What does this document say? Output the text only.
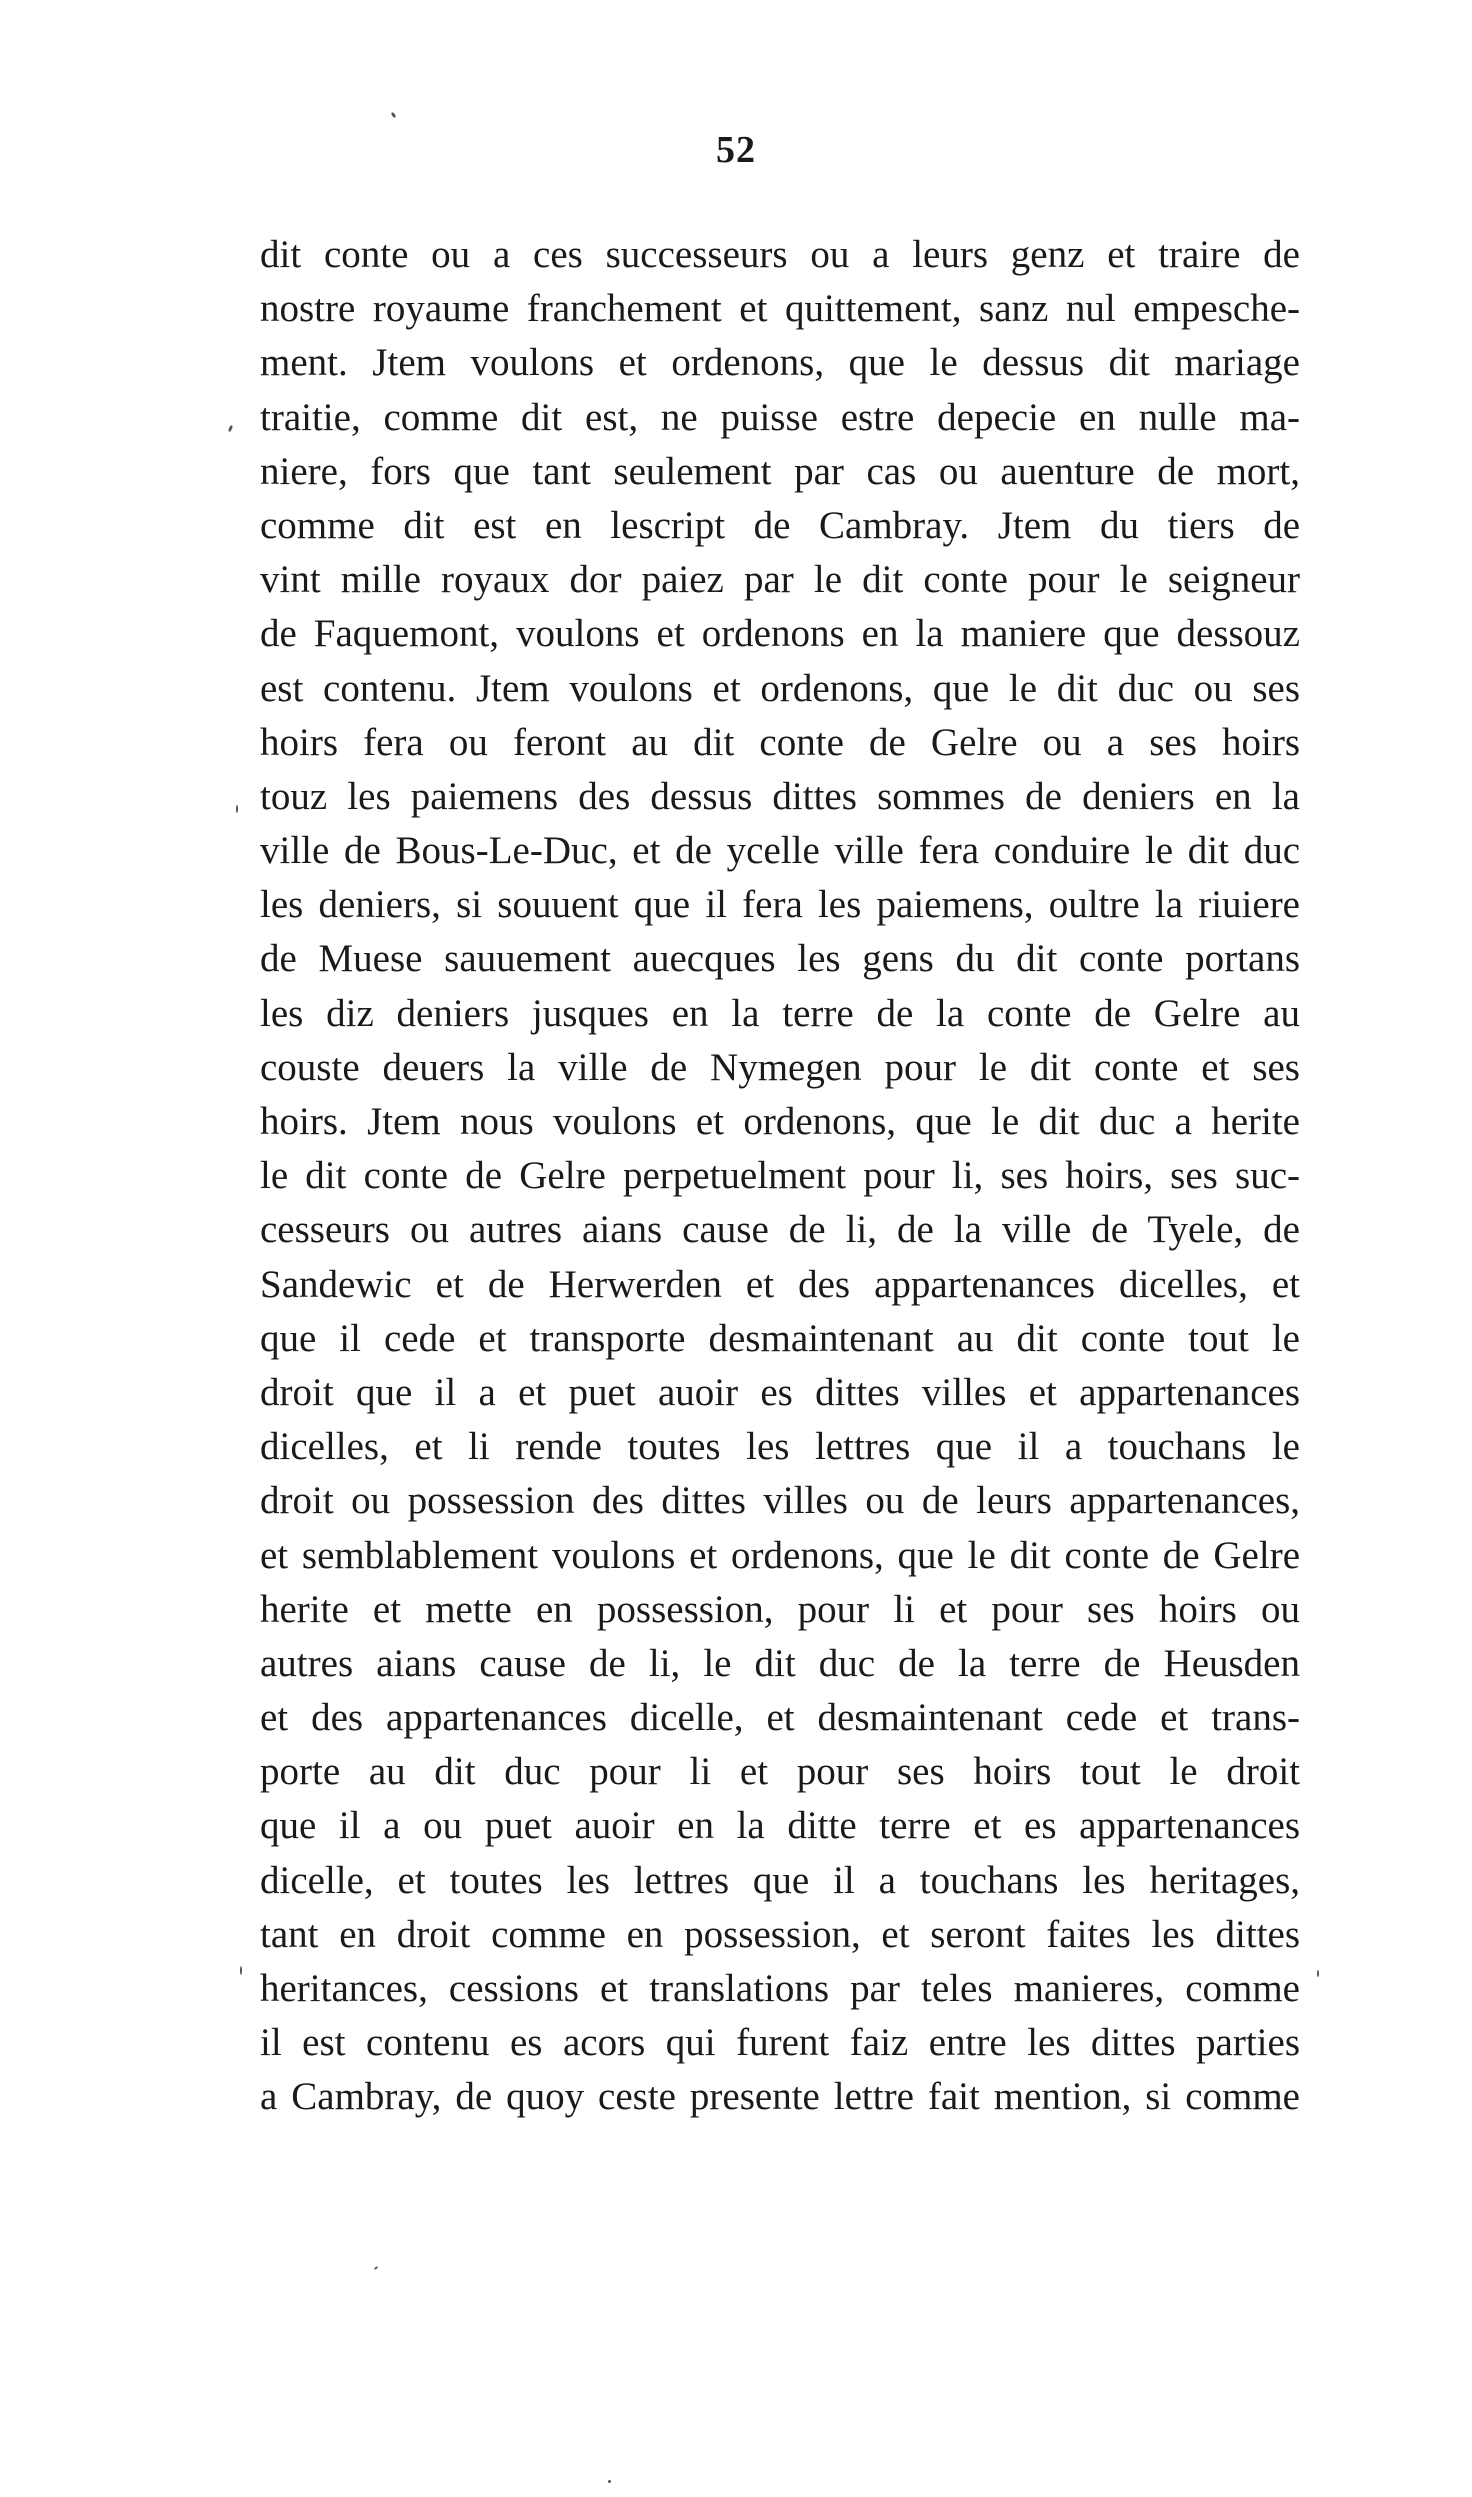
52
dit conte ou a ces successeurs ou a leurs genz et traire de
nostre royaume franchement et quittement, sanz nul empesche-
ment. Jtem voulons et ordenons, que le dessus dit mariage
traitie, comme dit est, ne puisse estre depecie en nulle ma-
niere, fors que tant seulement par cas ou auenture de mort,
comme dit est en lescript de Cambray. Jtem du tiers de
vint mille royaux dor paiez par le dit conte pour le seigneur
de Faquemont, voulons et ordenons en la maniere que dessouz
est contenu. Jtem voulons et ordenons, que le dit duc ou ses
hoirs fera ou feront au dit conte de Gelre ou a ses hoirs
touz les paiemens des dessus dittes sommes de deniers en la
ville de Bous-Le-Duc, et de ycelle ville fera conduire le dit duc
les deniers, si souuent que il fera les paiemens, oultre la riuiere
de Muese sauuement auecques les gens du dit conte portans
les diz deniers jusques en la terre de la conte de Gelre au
couste deuers la ville de Nymegen pour le dit conte et ses
hoirs. Jtem nous voulons et ordenons, que le dit duc a herite
le dit conte de Gelre perpetuelment pour li, ses hoirs, ses suc-
cesseurs ou autres aians cause de li, de la ville de Tyele, de
Sandewic et de Herwerden et des appartenances dicelles, et
que il cede et transporte desmaintenant au dit conte tout le
droit que il a et puet auoir es dittes villes et appartenances
dicelles, et li rende toutes les lettres que il a touchans le
droit ou possession des dittes villes ou de leurs appartenances,
et semblablement voulons et ordenons, que le dit conte de Gelre
herite et mette en possession, pour li et pour ses hoirs ou
autres aians cause de li, le dit duc de la terre de Heusden
et des appartenances dicelle, et desmaintenant cede et trans-
porte au dit duc pour li et pour ses hoirs tout le droit
que il a ou puet auoir en la ditte terre et es appartenances
dicelle, et toutes les lettres que il a touchans les heritages,
tant en droit comme en possession, et seront faites les dittes
heritances, cessions et translations par teles manieres, comme
il est contenu es acors qui furent faiz entre les dittes parties
a Cambray, de quoy ceste presente lettre fait mention, si comme
